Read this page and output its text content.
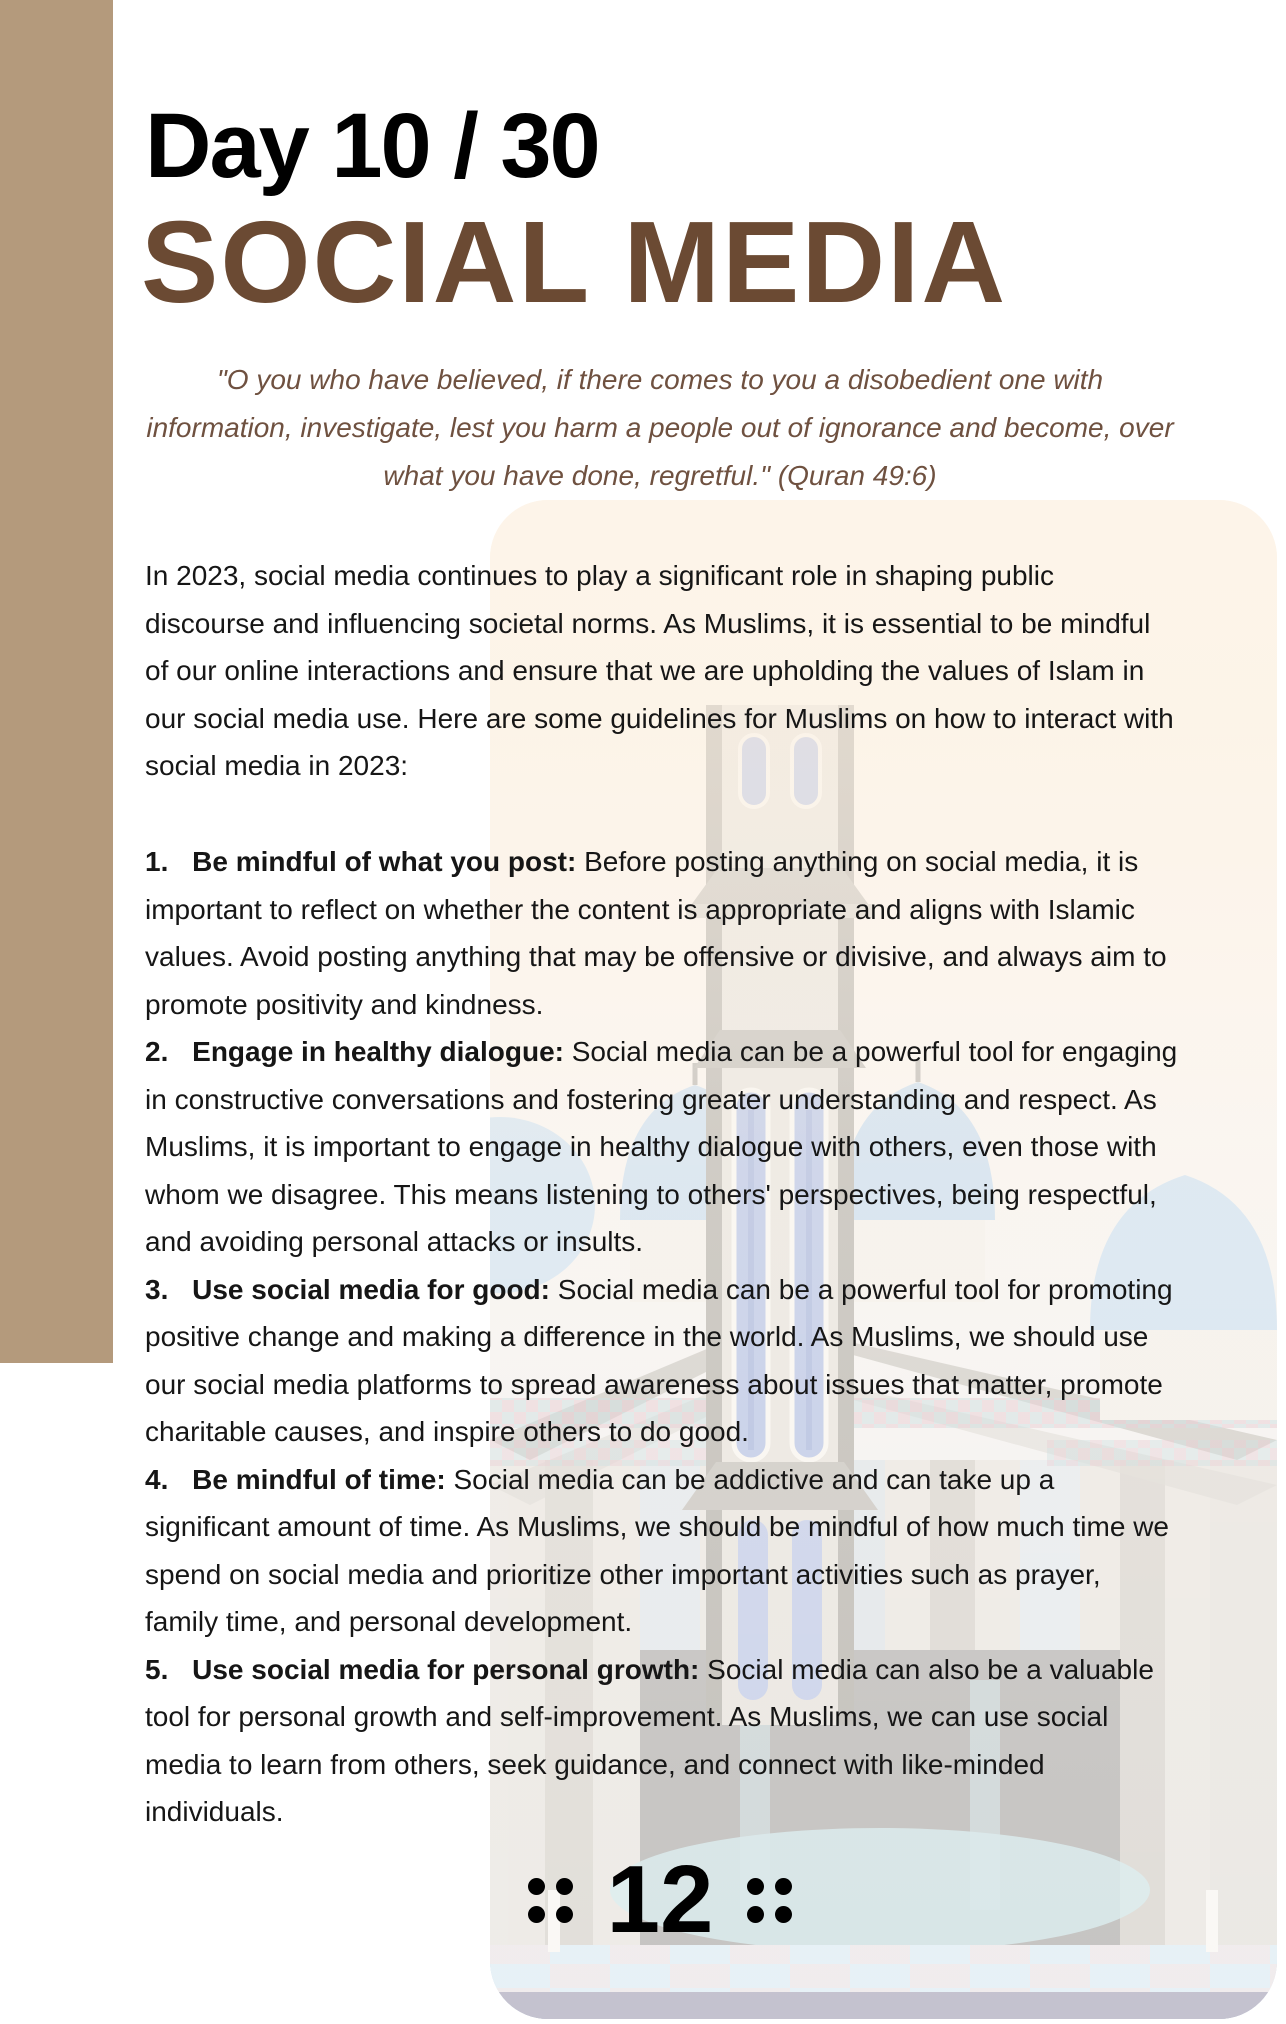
Day 10 / 30
SOCIAL MEDIA

"O you who have believed, if there comes to you a disobedient one with information, investigate, lest you harm a people out of ignorance and become, over what you have done, regretful." (Quran 49:6)

In 2023, social media continues to play a significant role in shaping public discourse and influencing societal norms. As Muslims, it is essential to be mindful of our online interactions and ensure that we are upholding the values of Islam in our social media use. Here are some guidelines for Muslims on how to interact with social media in 2023:

1. Be mindful of what you post: Before posting anything on social media, it is important to reflect on whether the content is appropriate and aligns with Islamic values. Avoid posting anything that may be offensive or divisive, and always aim to promote positivity and kindness.

2. Engage in healthy dialogue: Social media can be a powerful tool for engaging in constructive conversations and fostering greater understanding and respect. As Muslims, it is important to engage in healthy dialogue with others, even those with whom we disagree. This means listening to others' perspectives, being respectful, and avoiding personal attacks or insults.

3. Use social media for good: Social media can be a powerful tool for promoting positive change and making a difference in the world. As Muslims, we should use our social media platforms to spread awareness about issues that matter, promote charitable causes, and inspire others to do good.

4. Be mindful of time: Social media can be addictive and can take up a significant amount of time. As Muslims, we should be mindful of how much time we spend on social media and prioritize other important activities such as prayer, family time, and personal development.

5. Use social media for personal growth: Social media can also be a valuable tool for personal growth and self-improvement. As Muslims, we can use social media to learn from others, seek guidance, and connect with like-minded individuals.

12
